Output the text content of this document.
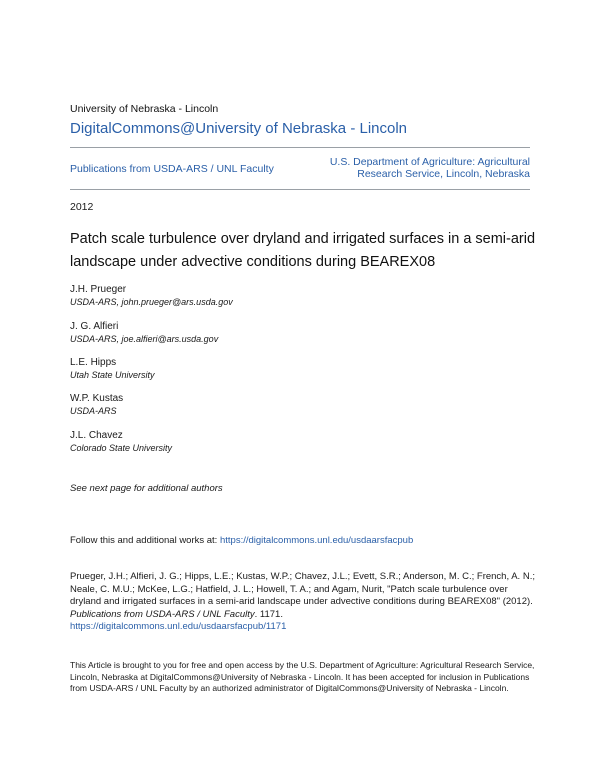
University of Nebraska - Lincoln
DigitalCommons@University of Nebraska - Lincoln
Publications from USDA-ARS / UNL Faculty
U.S. Department of Agriculture: Agricultural Research Service, Lincoln, Nebraska
2012
Patch scale turbulence over dryland and irrigated surfaces in a semi-arid landscape under advective conditions during BEAREX08
J.H. Prueger
USDA-ARS, john.prueger@ars.usda.gov
J. G. Alfieri
USDA-ARS, joe.alfieri@ars.usda.gov
L.E. Hipps
Utah State University
W.P. Kustas
USDA-ARS
J.L. Chavez
Colorado State University
See next page for additional authors
Follow this and additional works at: https://digitalcommons.unl.edu/usdaarsfacpub
Prueger, J.H.; Alfieri, J. G.; Hipps, L.E.; Kustas, W.P.; Chavez, J.L.; Evett, S.R.; Anderson, M. C.; French, A. N.; Neale, C. M.U.; McKee, L.G.; Hatfield, J. L.; Howell, T. A.; and Agam, Nurit, "Patch scale turbulence over dryland and irrigated surfaces in a semi-arid landscape under advective conditions during BEAREX08" (2012). Publications from USDA-ARS / UNL Faculty. 1171.
https://digitalcommons.unl.edu/usdaarsfacpub/1171
This Article is brought to you for free and open access by the U.S. Department of Agriculture: Agricultural Research Service, Lincoln, Nebraska at DigitalCommons@University of Nebraska - Lincoln. It has been accepted for inclusion in Publications from USDA-ARS / UNL Faculty by an authorized administrator of DigitalCommons@University of Nebraska - Lincoln.
